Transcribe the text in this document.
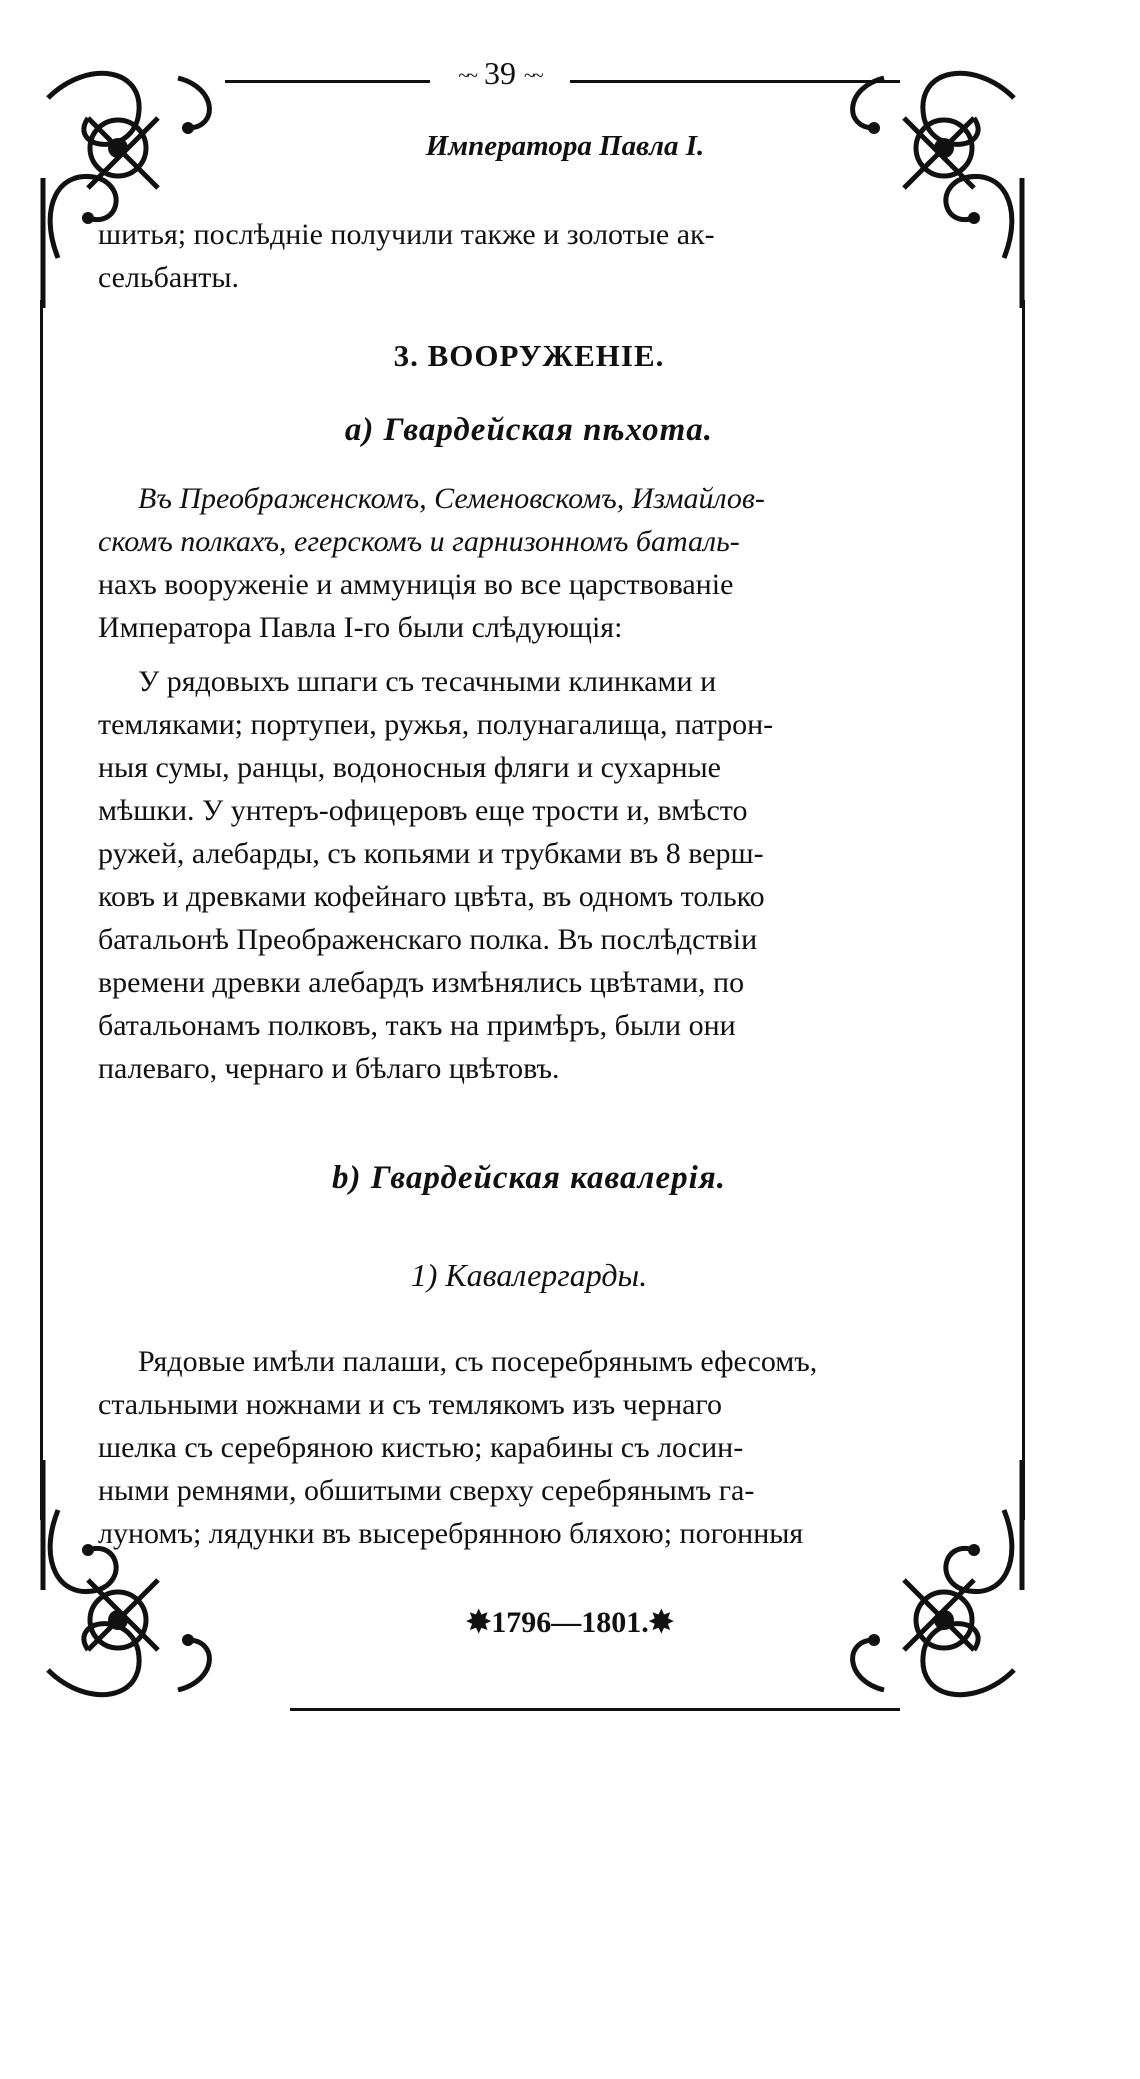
~~ 39 ~~
Императора Павла I.

шитья; послѣдніе получили также и золотые ак-

сельбанты.

3. ВООРУЖЕНІЕ.
a) Гвардейская пѣхота.

Въ Преображенскомъ, Семеновскомъ, Измайлов-

скомъ полкахъ, егерскомъ и гарнизонномъ баталь-

нахъ вооруженіе и аммуниція во все царствованіе

Императора Павла I-го были слѣдующія:

У рядовыхъ шпаги съ тесачными клинками и

темляками; портупеи, ружья, полунагалища, патрон-

ныя сумы, ранцы, водоносныя фляги и сухарные

мѣшки. У унтеръ-офицеровъ еще трости и, вмѣсто

ружей, алебарды, съ копьями и трубками въ 8 верш-

ковъ и древками кофейнаго цвѣта, въ одномъ только

батальонѣ Преображенскаго полка. Въ послѣдствіи

времени древки алебардъ измѣнялись цвѣтами, по

батальонамъ полковъ, такъ на примѣръ, были они

палеваго, чернаго и бѣлаго цвѣтовъ.

b) Гвардейская кавалерія.
1) Кавалергарды.

Рядовые имѣли палаши, съ посеребрянымъ ефесомъ,

стальными ножнами и съ темлякомъ изъ чернаго

шелка съ серебряною кистью; карабины съ лосин-

ными ремнями, обшитыми сверху серебрянымъ га-

луномъ; лядунки въ высеребрянною бляхою; погонныя

✸1796—1801.✸
